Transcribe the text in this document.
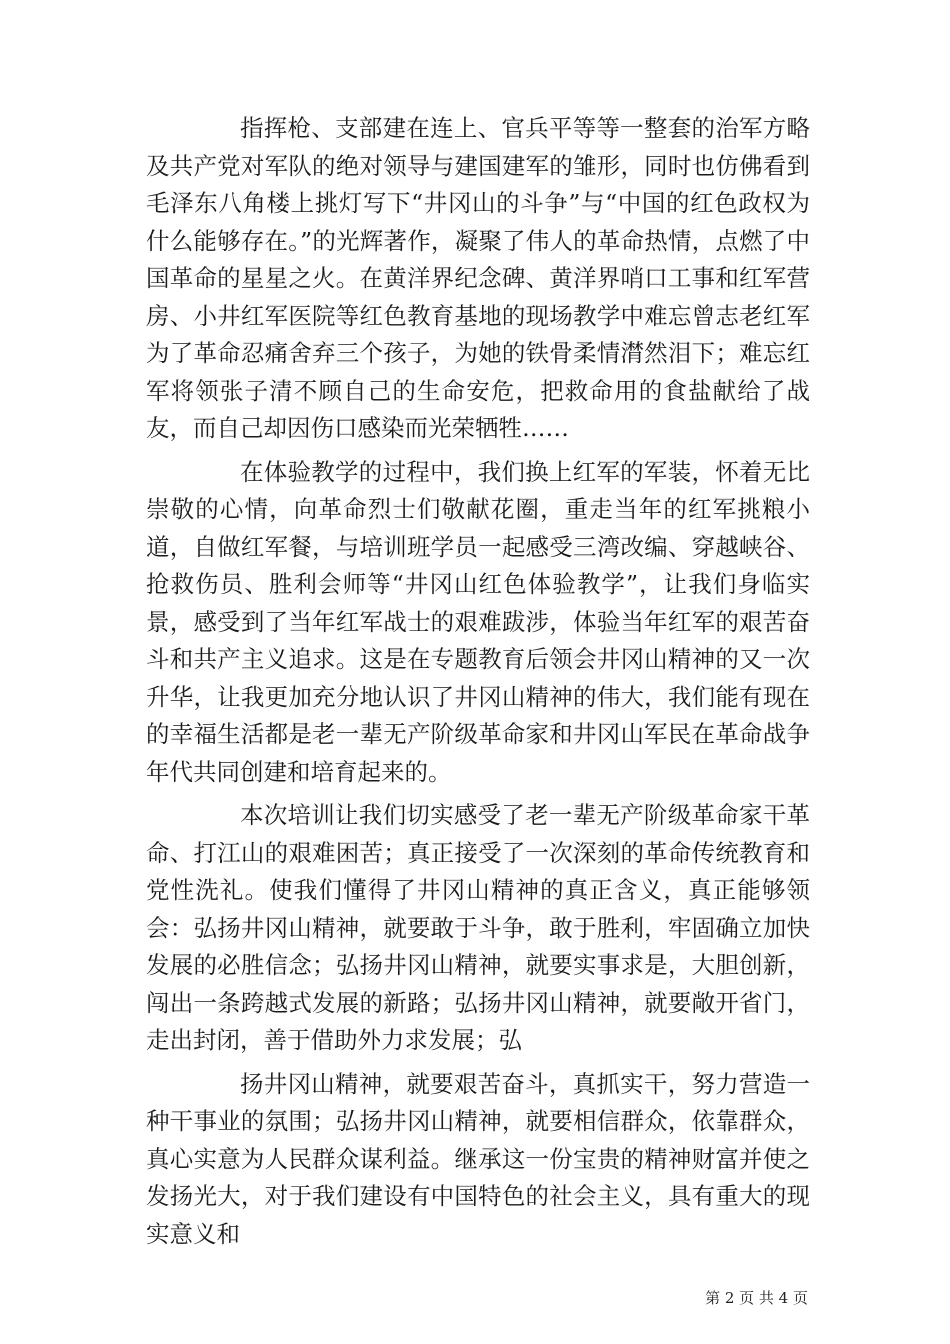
指挥枪、支部建在连上、官兵平等等一整套的治军方略及共产党对军队的绝对领导与建国建军的雏形，同时也仿佛看到毛泽东八角楼上挑灯写下“井冈山的斗争”与“中国的红色政权为什么能够存在。”的光辉著作，凝聚了伟人的革命热情，点燃了中国革命的星星之火。在黄洋界纪念碑、黄洋界哨口工事和红军营房、小井红军医院等红色教育基地的现场教学中难忘曾志老红军为了革命忍痛舍弃三个孩子，为她的铁骨柔情潸然泪下；难忘红军将领张子清不顾自己的生命安危，把救命用的食盐献给了战友，而自己却因伤口感染而光荣牺牲……

在体验教学的过程中，我们换上红军的军装，怀着无比崇敬的心情，向革命烈士们敬献花圈，重走当年的红军挑粮小道，自做红军餐，与培训班学员一起感受三湾改编、穿越峡谷、抢救伤员、胜利会师等“井冈山红色体验教学”，让我们身临实景，感受到了当年红军战士的艰难跋涉，体验当年红军的艰苦奋斗和共产主义追求。这是在专题教育后领会井冈山精神的又一次升华，让我更加充分地认识了井冈山精神的伟大，我们能有现在的幸福生活都是老一辈无产阶级革命家和井冈山军民在革命战争年代共同创建和培育起来的。

本次培训让我们切实感受了老一辈无产阶级革命家干革命、打江山的艰难困苦；真正接受了一次深刻的革命传统教育和党性洗礼。使我们懂得了井冈山精神的真正含义，真正能够领会：弘扬井冈山精神，就要敢于斗争，敢于胜利，牢固确立加快发展的必胜信念；弘扬井冈山精神，就要实事求是，大胆创新，闯出一条跨越式发展的新路；弘扬井冈山精神，就要敞开省门，走出封闭，善于借助外力求发展；弘

扬井冈山精神，就要艰苦奋斗，真抓实干，努力营造一种干事业的氛围；弘扬井冈山精神，就要相信群众，依靠群众，真心实意为人民群众谋利益。继承这一份宝贵的精神财富并使之发扬光大，对于我们建设有中国特色的社会主义，具有重大的现实意义和

第 2 页 共 4 页
